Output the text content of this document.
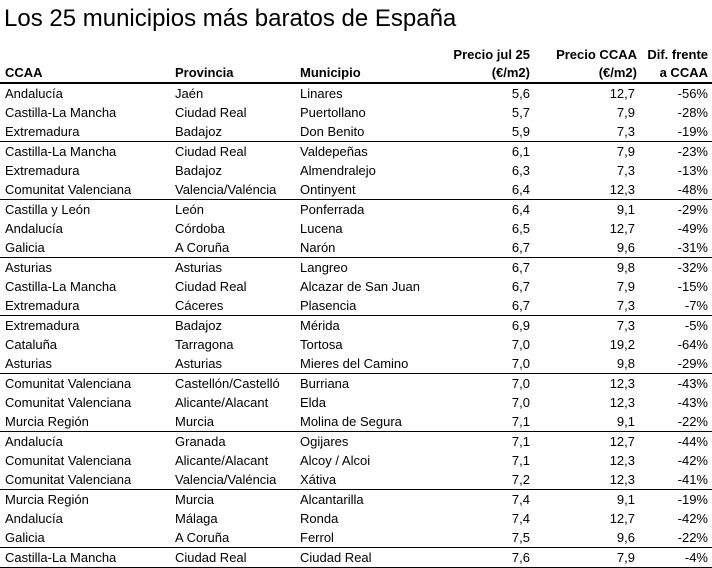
Los 25 municipios más baratos de España
			Precio jul 25	Precio CCAA	Dif. frente
CCAA	Provincia	Municipio	(€/m2)	(€/m2)	a CCAA
Andalucía	Jaén	Linares	5,6	12,7	-56%
Castilla-La Mancha	Ciudad Real	Puertollano	5,7	7,9	-28%
Extremadura	Badajoz	Don Benito	5,9	7,3	-19%
Castilla-La Mancha	Ciudad Real	Valdepeñas	6,1	7,9	-23%
Extremadura	Badajoz	Almendralejo	6,3	7,3	-13%
Comunitat Valenciana	Valencia/Valéncia	Ontinyent	6,4	12,3	-48%
Castilla y León	León	Ponferrada	6,4	9,1	-29%
Andalucía	Córdoba	Lucena	6,5	12,7	-49%
Galicia	A Coruña	Narón	6,7	9,6	-31%
Asturias	Asturias	Langreo	6,7	9,8	-32%
Castilla-La Mancha	Ciudad Real	Alcazar de San Juan	6,7	7,9	-15%
Extremadura	Cáceres	Plasencia	6,7	7,3	-7%
Extremadura	Badajoz	Mérida	6,9	7,3	-5%
Cataluña	Tarragona	Tortosa	7,0	19,2	-64%
Asturias	Asturias	Mieres del Camino	7,0	9,8	-29%
Comunitat Valenciana	Castellón/Castelló	Burriana	7,0	12,3	-43%
Comunitat Valenciana	Alicante/Alacant	Elda	7,0	12,3	-43%
Murcia Región	Murcia	Molina de Segura	7,1	9,1	-22%
Andalucía	Granada	Ogijares	7,1	12,7	-44%
Comunitat Valenciana	Alicante/Alacant	Alcoy / Alcoi	7,1	12,3	-42%
Comunitat Valenciana	Valencia/Valéncia	Xátiva	7,2	12,3	-41%
Murcia Región	Murcia	Alcantarilla	7,4	9,1	-19%
Andalucía	Málaga	Ronda	7,4	12,7	-42%
Galicia	A Coruña	Ferrol	7,5	9,6	-22%
Castilla-La Mancha	Ciudad Real	Ciudad Real	7,6	7,9	-4%
